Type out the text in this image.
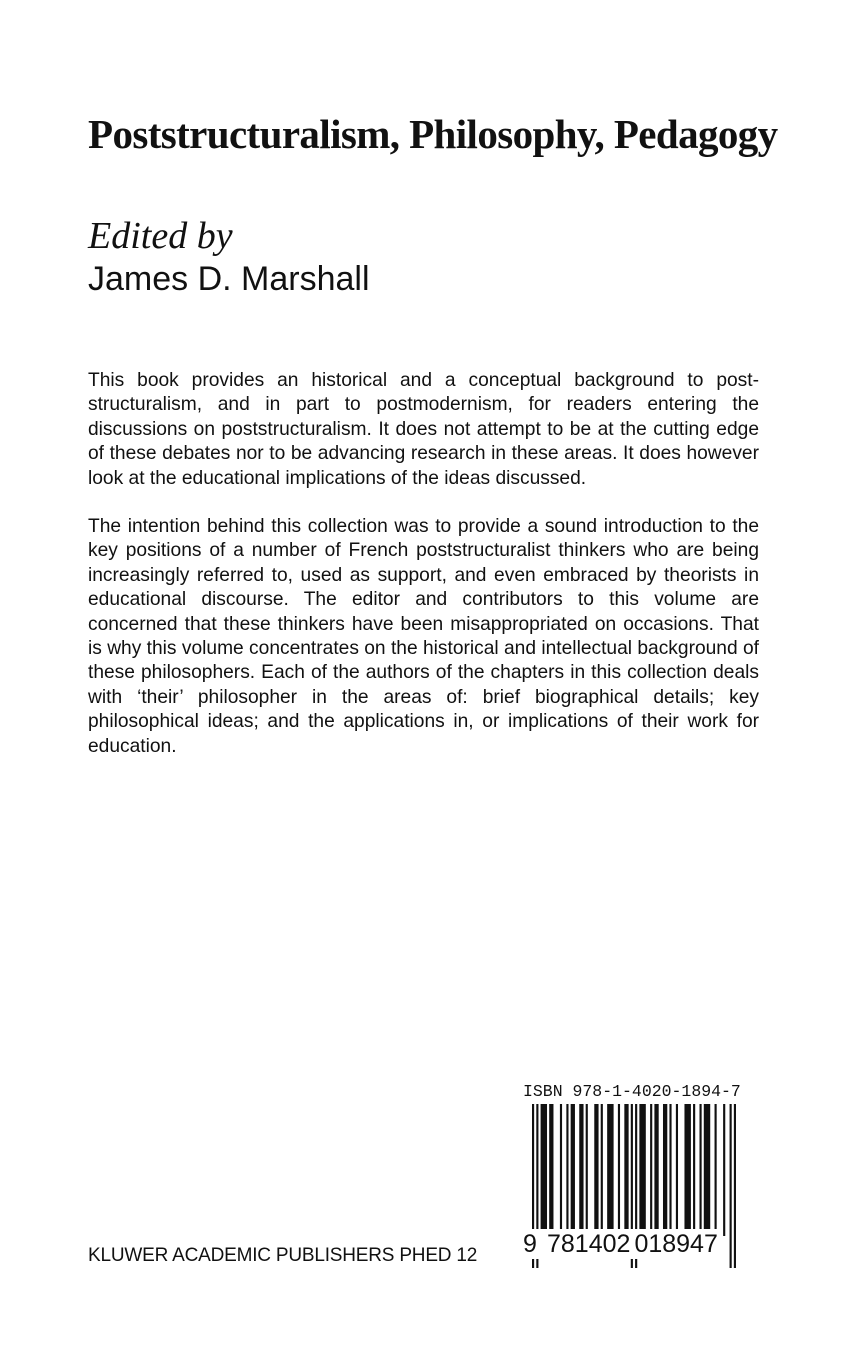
Poststructuralism, Philosophy, Pedagogy
Edited by
James D. Marshall

This book provides an historical and a conceptual background to post-structuralism, and in part to postmodernism, for readers entering the discussions on poststructuralism. It does not attempt to be at the cutting edge of these debates nor to be advancing research in these areas. It does however look at the educational implications of the ideas discussed.

The intention behind this collection was to provide a sound introduction to the key positions of a number of French poststructuralist thinkers who are being increasingly referred to, used as support, and even embraced by theorists in educational discourse. The editor and contributors to this volume are concerned that these thinkers have been misappropriated on occasions. That is why this volume concentrates on the historical and intellectual background of these philosophers. Each of the authors of the chapters in this collection deals with ‘their’ philosopher in the areas of: brief biographical details; key philosophical ideas; and the applications in, or implications of their work for education.

ISBN 978-1-4020-1894-7
9 781402 018947
KLUWER ACADEMIC PUBLISHERS PHED 12
